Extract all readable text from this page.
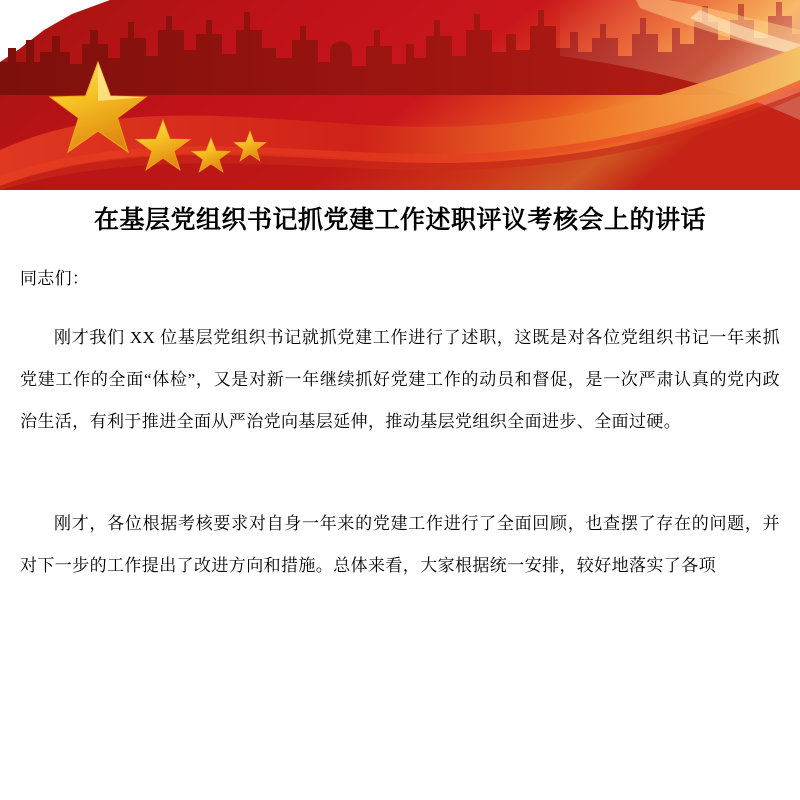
在基层党组织书记抓党建工作述职评议考核会上的讲话
同志们：

刚才我们 XX 位基层党组织书记就抓党建工作进行了述职，这既是对各位党组织书记一年来抓党建工作的全面“体检”，又是对新一年继续抓好党建工作的动员和督促，是一次严肃认真的党内政治生活，有利于推进全面从严治党向基层延伸，推动基层党组织全面进步、全面过硬。

刚才，各位根据考核要求对自身一年来的党建工作进行了全面回顾，也查摆了存在的问题，并对下一步的工作提出了改进方向和措施。总体来看，大家根据统一安排，较好地落实了各项
